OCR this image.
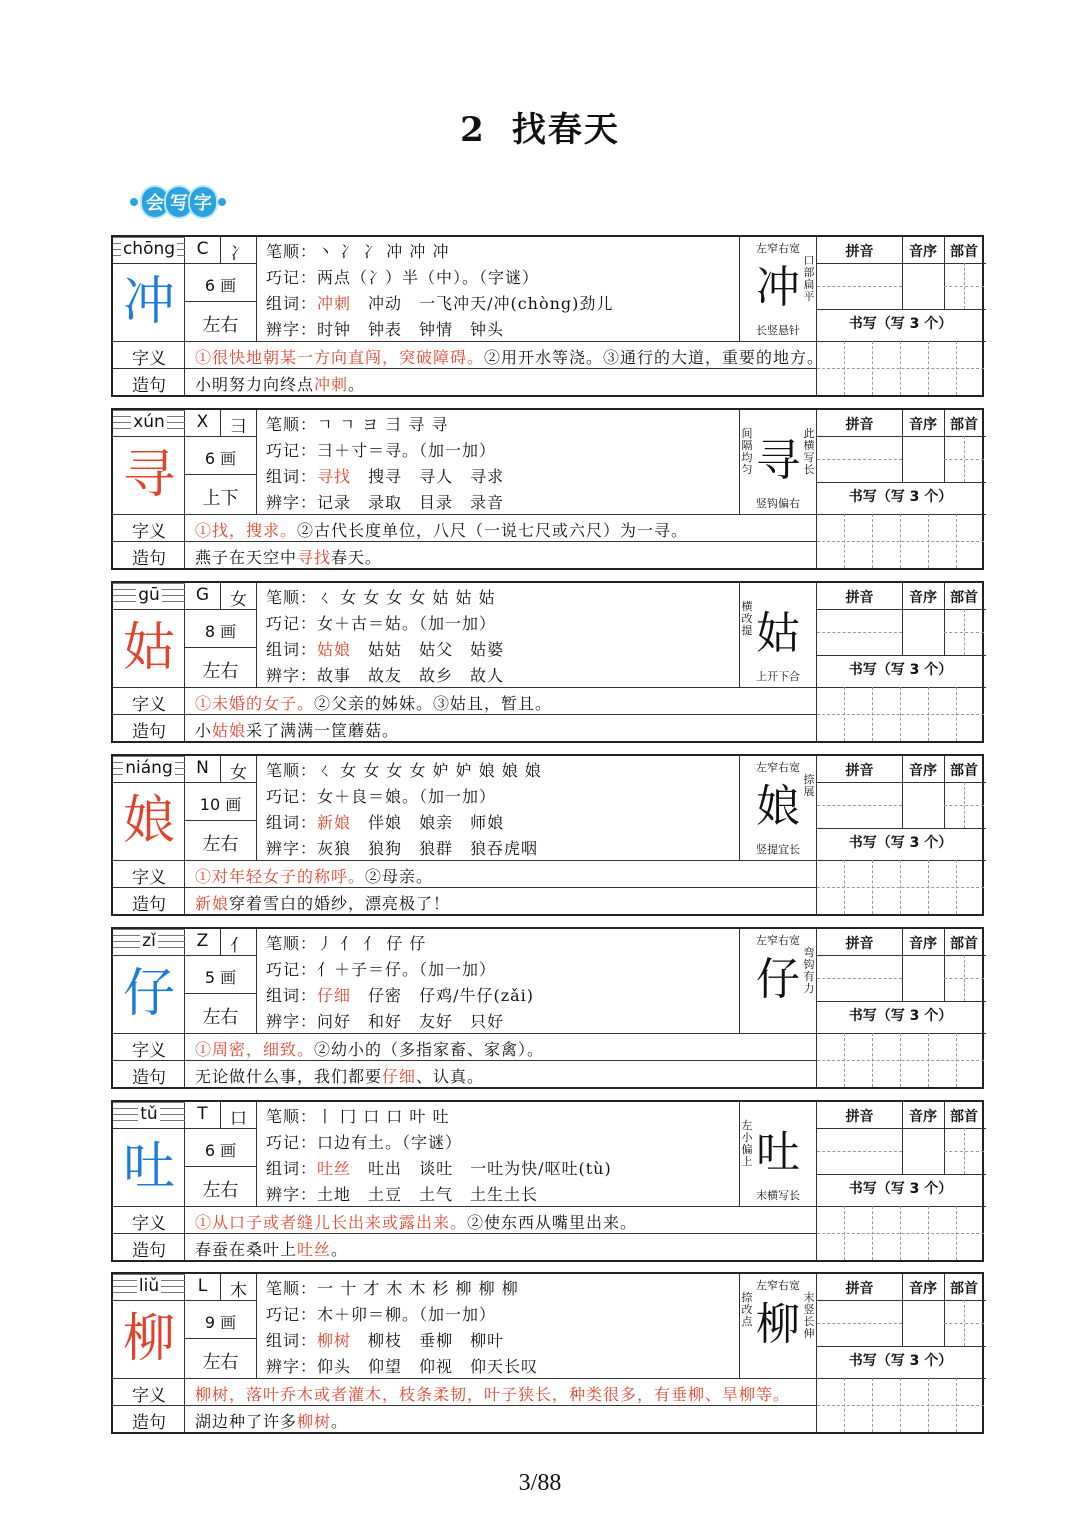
2 找春天
会 写 字
chōng
冲
C	冫
6 画
左右
笔顺：丶 冫 冫 冲 冲 冲
巧记：两点（冫）半（中）。（字谜）
组词：冲刺　 冲动　 一飞冲天/冲(chòng)劲儿
辨字：时钟　钟表　钟情　钟头
字义	①很快地朝某一方向直闯，突破障碍。②用开水等浇。③通行的大道，重要的地方。
造句	小明努力向终点冲刺。
左窄右宽
冲
口部扁平
长竖悬针
拼音	音序 部首
书写（写 3 个）
xún
寻
X	彐
6 画
上下
笔顺：ㄱ ㄱ ヨ 彐 寻 寻
巧记：彐＋寸＝寻。（加一加）
组词：寻找　 搜寻　 寻人　 寻求
辨字：记录　录取　目录　录音
字义	①找，搜求。②古代长度单位，八尺（一说七尺或六尺）为一寻。
造句	燕子在天空中寻找春天。
寻
间隔均匀
此横写长
竖钩偏右
拼音	音序 部首
书写（写 3 个）
gū
姑
G	女
8 画
左右
笔顺：ㄑ 女 女 女 女 姑 姑 姑
巧记：女＋古＝姑。（加一加）
组词：姑娘　 姑姑　 姑父　 姑婆
辨字：故事　故友　故乡　故人
字义	①未婚的女子。②父亲的姊妹。③姑且，暂且。
造句	小姑娘采了满满一筐蘑菇。
姑
横改提
上开下合
拼音	音序 部首
书写（写 3 个）
niáng
娘
N	女
10 画
左右
笔顺：ㄑ 女 女 女 女 妒 妒 娘 娘 娘
巧记：女＋良＝娘。（加一加）
组词：新娘　 伴娘　 娘亲　 师娘
辨字：灰狼　狼狗　狼群　狼吞虎咽
字义	①对年轻女子的称呼。②母亲。
造句	新娘穿着雪白的婚纱，漂亮极了！
左窄右宽
娘
捺展
竖提宜长
拼音	音序 部首
书写（写 3 个）
zǐ
仔
Z	亻
5 画
左右
笔顺：丿 亻 亻 仔 仔
巧记：亻＋子＝仔。（加一加）
组词：仔细　 仔密　 仔鸡/牛仔(zǎi)
辨字：问好　和好　友好　只好
字义	①周密，细致。②幼小的（多指家畜、家禽）。
造句	无论做什么事，我们都要仔细、认真。
左窄右宽
仔
弯钩有力
拼音	音序 部首
书写（写 3 个）
tǔ
吐
T	口
6 画
左右
笔顺：丨 冂 口 口 叶 吐
巧记：口边有土。（字谜）
组词：吐丝　 吐出　 谈吐　 一吐为快/呕吐(tù)
辨字：土地　土豆　土气　土生土长
字义	①从口子或者缝儿长出来或露出来。②使东西从嘴里出来。
造句	春蚕在桑叶上吐丝。
吐
左小偏上
末横写长
拼音	音序 部首
书写（写 3 个）
liǔ
柳
L	木
9 画
左右
笔顺：一 十 才 木 木 杉 柳 柳 柳
巧记：木＋卯＝柳。（加一加）
组词：柳树　 柳枝　 垂柳　 柳叶
辨字：仰头　仰望　仰视　仰天长叹
字义	柳树，落叶乔木或者灌木，枝条柔韧，叶子狭长，种类很多，有垂柳、旱柳等。
造句	湖边种了许多柳树。
左窄右宽
柳
捺改点
末竖长伸
拼音	音序 部首
书写（写 3 个）
3/88
